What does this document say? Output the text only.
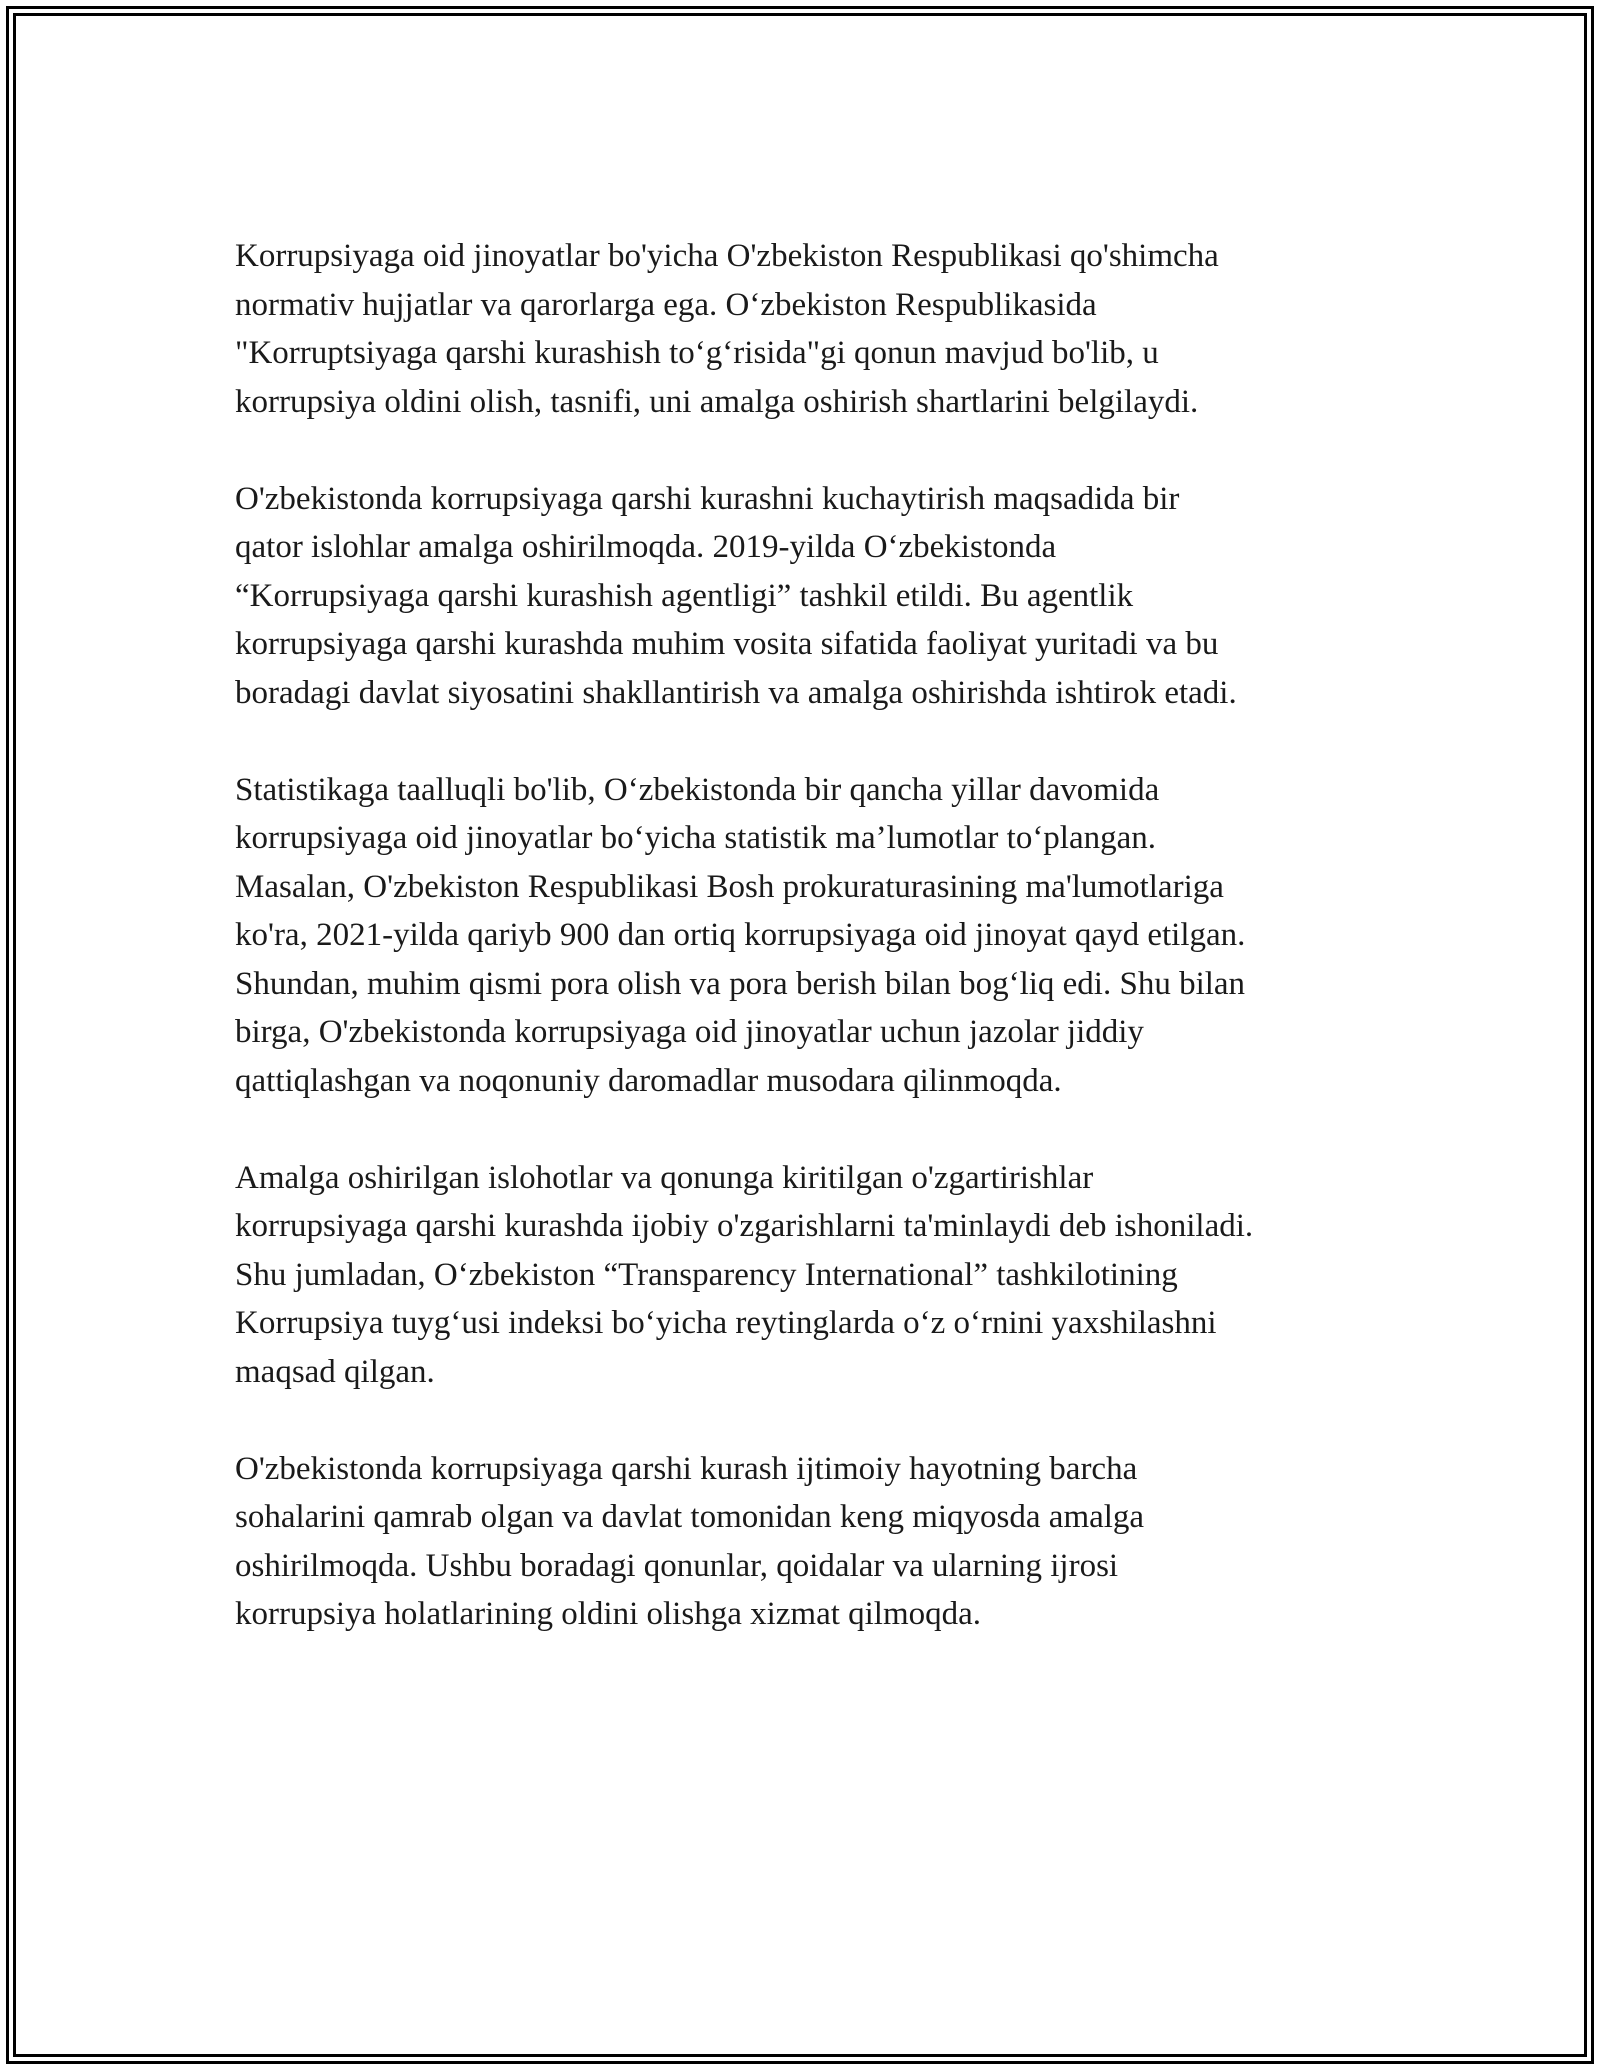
Korrupsiyaga oid jinoyatlar bo'yicha O'zbekiston Respublikasi qo'shimcha
normativ hujjatlar va qarorlarga ega. O‘zbekiston Respublikasida
"Korruptsiyaga qarshi kurashish to‘g‘risida"gi qonun mavjud bo'lib, u
korrupsiya oldini olish, tasnifi, uni amalga oshirish shartlarini belgilaydi.

O'zbekistonda korrupsiyaga qarshi kurashni kuchaytirish maqsadida bir
qator islohlar amalga oshirilmoqda. 2019-yilda O‘zbekistonda
“Korrupsiyaga qarshi kurashish agentligi” tashkil etildi. Bu agentlik
korrupsiyaga qarshi kurashda muhim vosita sifatida faoliyat yuritadi va bu
boradagi davlat siyosatini shakllantirish va amalga oshirishda ishtirok etadi.

Statistikaga taalluqli bo'lib, O‘zbekistonda bir qancha yillar davomida
korrupsiyaga oid jinoyatlar bo‘yicha statistik ma’lumotlar to‘plangan.
Masalan, O'zbekiston Respublikasi Bosh prokuraturasining ma'lumotlariga
ko'ra, 2021-yilda qariyb 900 dan ortiq korrupsiyaga oid jinoyat qayd etilgan.
Shundan, muhim qismi pora olish va pora berish bilan bog‘liq edi. Shu bilan
birga, O'zbekistonda korrupsiyaga oid jinoyatlar uchun jazolar jiddiy
qattiqlashgan va noqonuniy daromadlar musodara qilinmoqda.

Amalga oshirilgan islohotlar va qonunga kiritilgan o'zgartirishlar
korrupsiyaga qarshi kurashda ijobiy o'zgarishlarni ta'minlaydi deb ishoniladi.
Shu jumladan, O‘zbekiston “Transparency International” tashkilotining
Korrupsiya tuyg‘usi indeksi bo‘yicha reytinglarda o‘z o‘rnini yaxshilashni
maqsad qilgan.

O'zbekistonda korrupsiyaga qarshi kurash ijtimoiy hayotning barcha
sohalarini qamrab olgan va davlat tomonidan keng miqyosda amalga
oshirilmoqda. Ushbu boradagi qonunlar, qoidalar va ularning ijrosi
korrupsiya holatlarining oldini olishga xizmat qilmoqda.
